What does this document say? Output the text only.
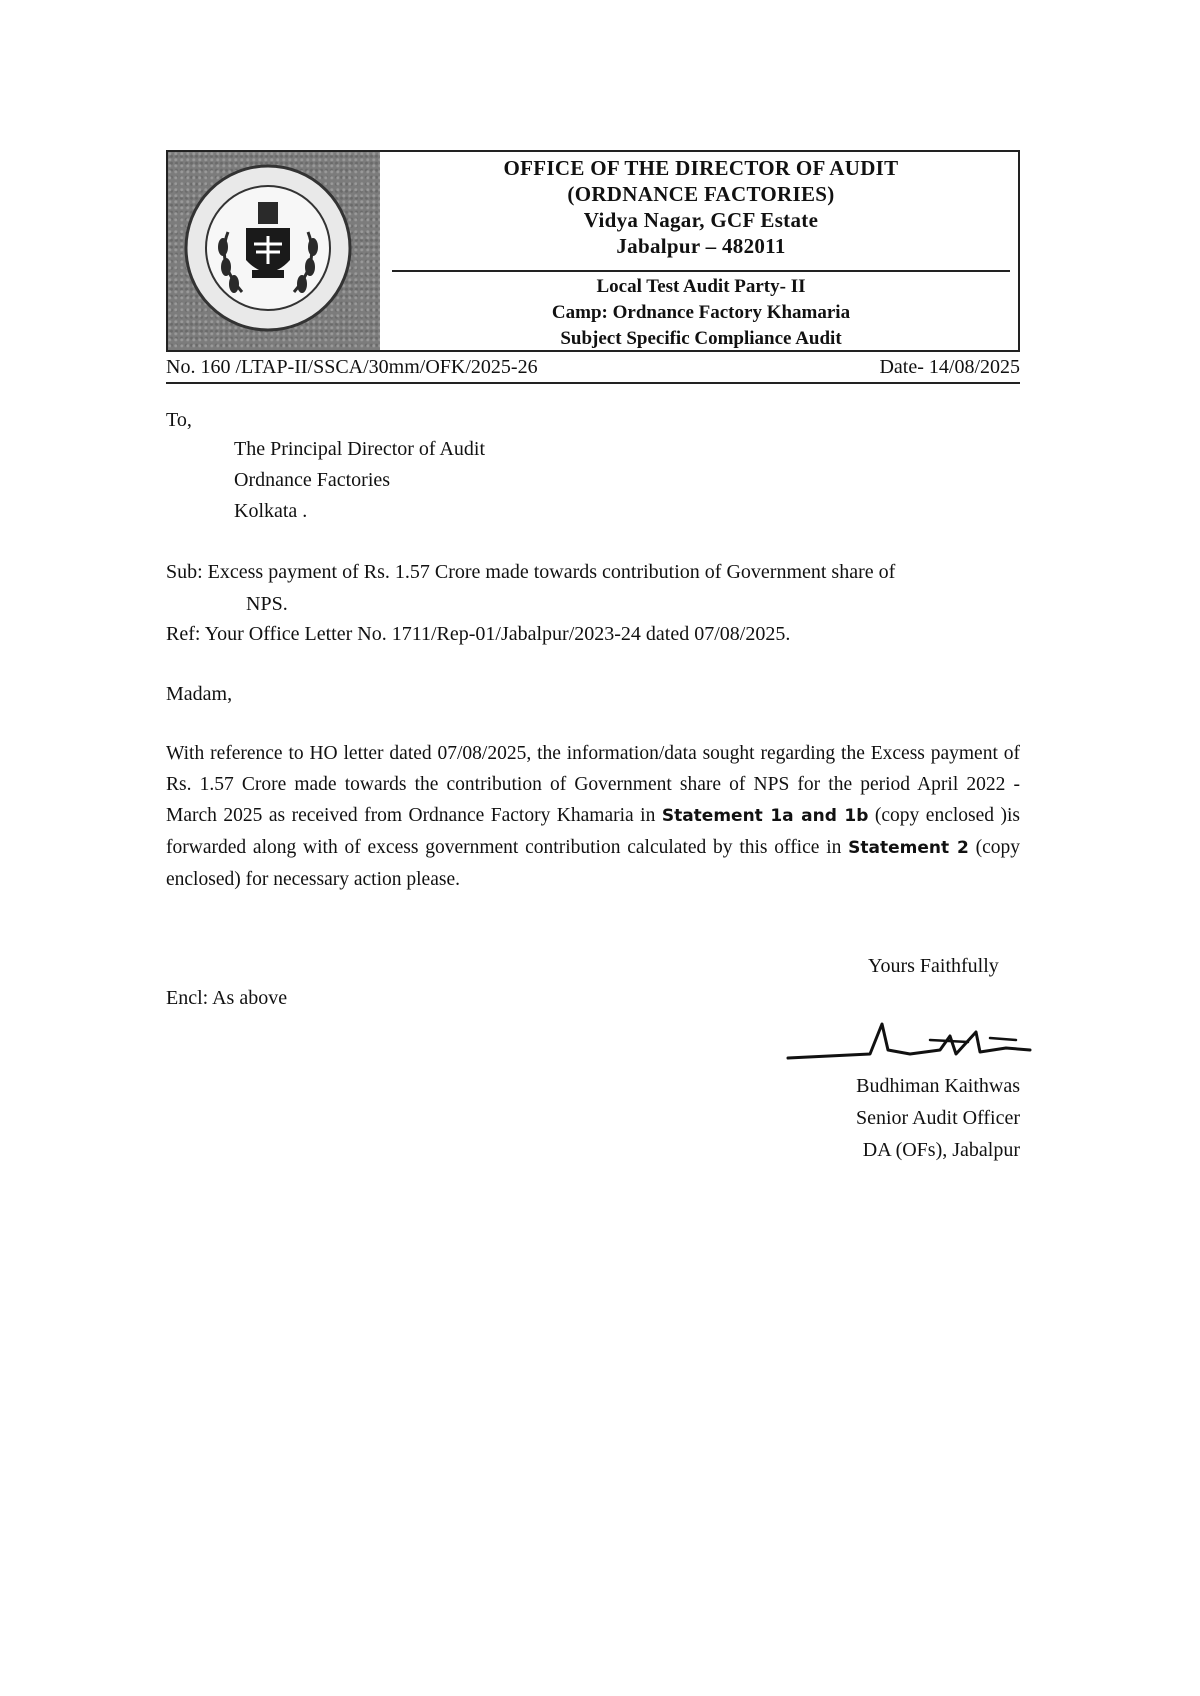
OFFICE OF THE DIRECTOR OF AUDIT
(ORDNANCE FACTORIES)
Vidya Nagar, GCF Estate
Jabalpur – 482011
Local Test Audit Party- II
Camp: Ordnance Factory Khamaria
Subject Specific Compliance Audit
No. 160 /LTAP-II/SSCA/30mm/OFK/2025-26	Date- 14/08/2025
To,
The Principal Director of Audit
Ordnance Factories
Kolkata .
Sub: Excess payment of Rs. 1.57 Crore made towards contribution of Government share of
NPS.
Ref: Your Office Letter No. 1711/Rep-01/Jabalpur/2023-24 dated 07/08/2025.
Madam,
With reference to HO letter dated 07/08/2025, the information/data sought regarding the Excess payment of Rs. 1.57 Crore made towards the contribution of Government share of NPS for the period April 2022 - March 2025 as received from Ordnance Factory Khamaria in Statement 1a and 1b (copy enclosed )is forwarded along with of excess government contribution calculated by this office in Statement 2 (copy enclosed) for necessary action please.
Yours Faithfully
Encl: As above
Budhiman Kaithwas
Senior Audit Officer
DA (OFs), Jabalpur
